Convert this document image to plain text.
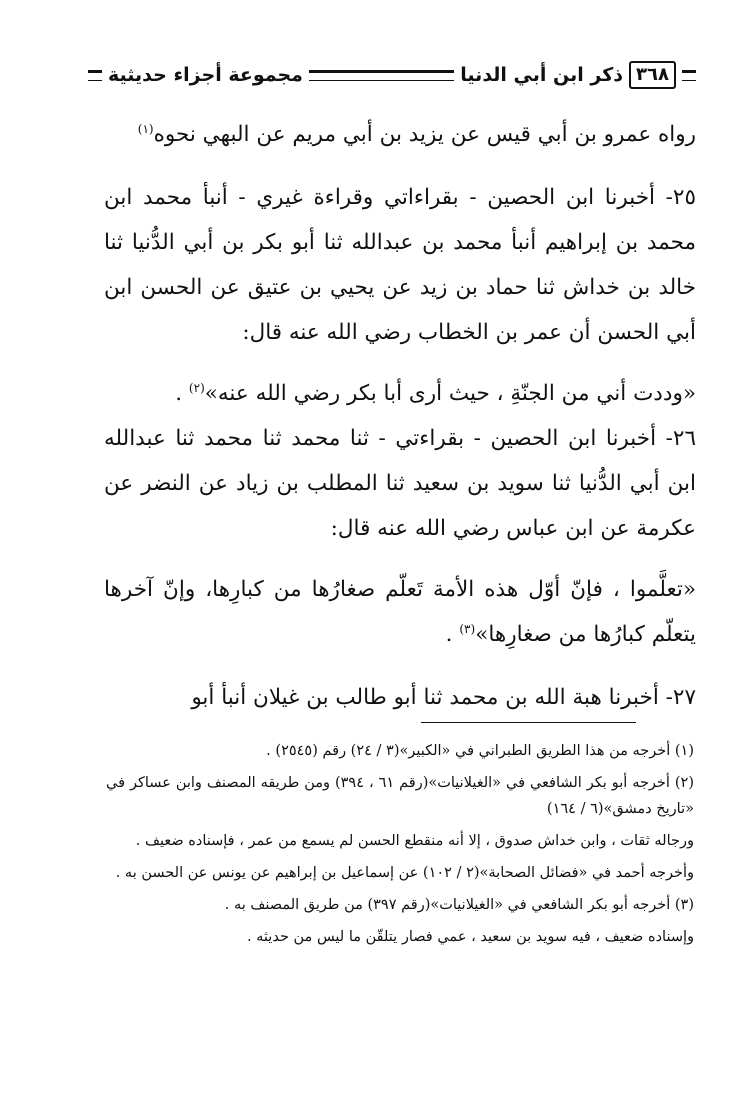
٣٦٨
ذكر ابن أبي الدنيا
مجموعة أجزاء حديثية

رواه عمرو بن أبي قيس عن يزيد بن أبي مريم عن البهي نحوه$^{(١)}$

٢٥- أخبرنا ابن الحصين - بقراءاتي وقراءة غيري - أنبأ محمد ابن محمد بن إبراهيم أنبأ محمد بن عبدالله ثنا أبو بكر بن أبي الدُّنيا ثنا خالد بن خداش ثنا حماد بن زيد عن يحيي بن عتيق عن الحسن ابن أبي الحسن أن عمر بن الخطاب رضي الله عنه قال:

«وددت أني من الجنّةِ ، حيث أرى أبا بكر رضي الله عنه»$^{(٢)}$ .

٢٦- أخبرنا ابن الحصين - بقراءتي - ثنا محمد ثنا محمد ثنا عبدالله ابن أبي الدُّنيا ثنا سويد بن سعيد ثنا المطلب بن زياد عن النضر عن عكرمة عن ابن عباس رضي الله عنه قال:

«تعلَّموا ، فإنّ أوّل هذه الأمة تَعلّم صغارُها من كبارِها، وإنّ آخرها يتعلّم كبارُها من صغارِها»$^{(٣)}$ .

٢٧- أخبرنا هبة الله بن محمد ثنا أبو طالب بن غيلان أنبأ أبو

(١) أخرجه من هذا الطريق الطبراني في «الكبير»(٣ / ٢٤) رقم (٢٥٤٥) .

(٢) أخرجه أبو بكر الشافعي في «الغيلانيات»(رقم ٦١ ، ٣٩٤) ومن طريقه المصنف وابن عساكر في «تاريخ دمشق»(٦ / ١٦٤)

ورجاله ثقات ، وابن خداش صدوق ، إلا أنه منقطع الحسن لم يسمع من عمر ، فإسناده ضعيف .

وأخرجه أحمد في «فضائل الصحابة»(٢ / ١٠٢) عن إسماعيل بن إبراهيم عن يونس عن الحسن به .

(٣) أخرجه أبو بكر الشافعي في «الغيلانيات»(رقم ٣٩٧) من طريق المصنف به .

وإسناده ضعيف ، فيه سويد بن سعيد ، عمي فصار يتلقّن ما ليس من حديثه .
